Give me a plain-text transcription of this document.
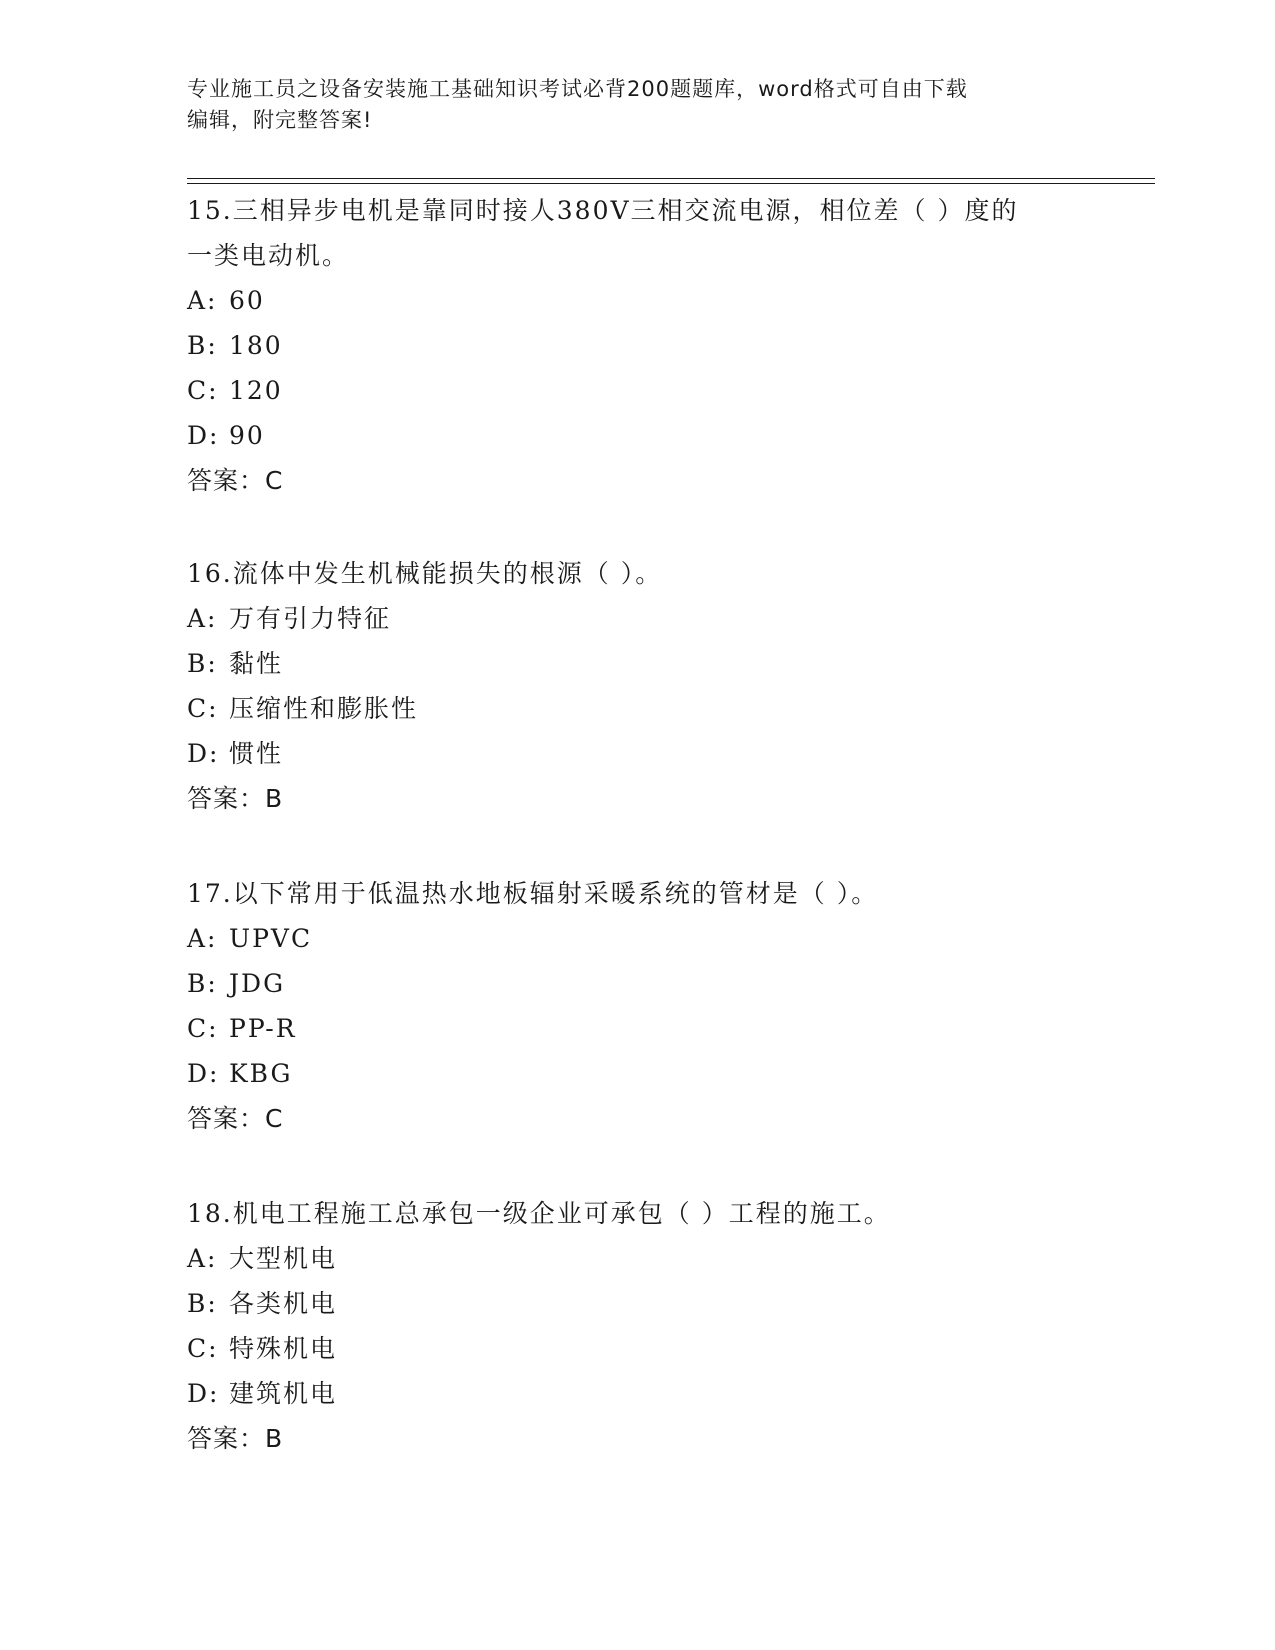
专业施工员之设备安装施工基础知识考试必背200题题库，word格式可自由下载
编辑，附完整答案!

15.三相异步电机是靠同时接人380V三相交流电源，相位差（ ）度的

一类电动机。

A: 60

B: 180

C: 120

D: 90

答案：C

16.流体中发生机械能损失的根源（ ）。

A: 万有引力特征

B: 黏性

C: 压缩性和膨胀性

D: 惯性

答案：B

17.以下常用于低温热水地板辐射采暖系统的管材是（ ）。

A: UPVC

B: JDG

C: PP-R

D: KBG

答案：C

18.机电工程施工总承包一级企业可承包（ ）工程的施工。

A: 大型机电

B: 各类机电

C: 特殊机电

D: 建筑机电

答案：B
